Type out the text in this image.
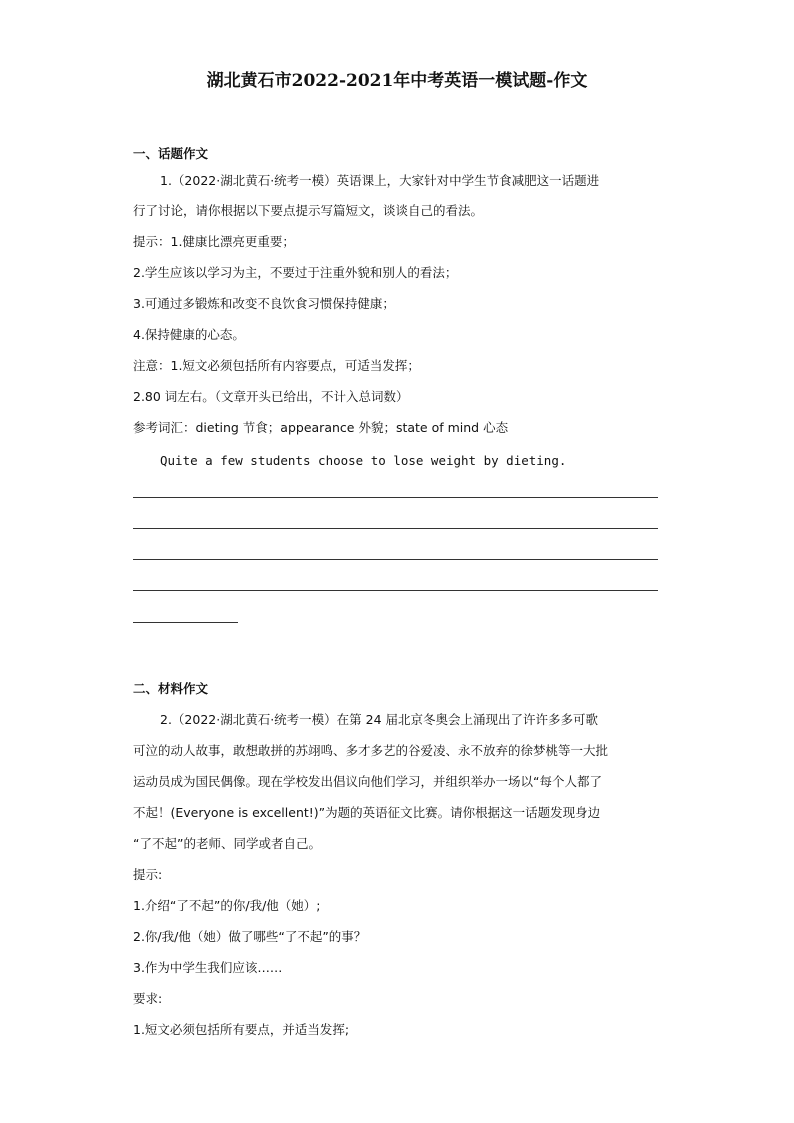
湖北黄石市2022-2021年中考英语一模试题-作文
一、话题作文
1.（2022·湖北黄石·统考一模）英语课上，大家针对中学生节食减肥这一话题进
行了讨论，请你根据以下要点提示写篇短文，谈谈自己的看法。
提示：1.健康比漂亮更重要；
2.学生应该以学习为主，不要过于注重外貌和别人的看法；
3.可通过多锻炼和改变不良饮食习惯保持健康；
4.保持健康的心态。
注意：1.短文必须包括所有内容要点，可适当发挥；
2.80 词左右。（文章开头已给出，不计入总词数）
参考词汇：dieting 节食；appearance 外貌；state of mind 心态
Quite a few students choose to lose weight by dieting.
二、材料作文
2.（2022·湖北黄石·统考一模）在第 24 届北京冬奥会上涌现出了许许多多可歌
可泣的动人故事，敢想敢拼的苏翊鸣、多才多艺的谷爱凌、永不放弃的徐梦桃等一大批
运动员成为国民偶像。现在学校发出倡议向他们学习，并组织举办一场以“每个人都了
不起！(Everyone is excellent!)”为题的英语征文比赛。请你根据这一话题发现身边
“了不起”的老师、同学或者自己。
提示:
1.介绍“了不起”的你/我/他（她）;
2.你/我/他（她）做了哪些“了不起”的事？
3.作为中学生我们应该……
要求:
1.短文必须包括所有要点，并适当发挥;
